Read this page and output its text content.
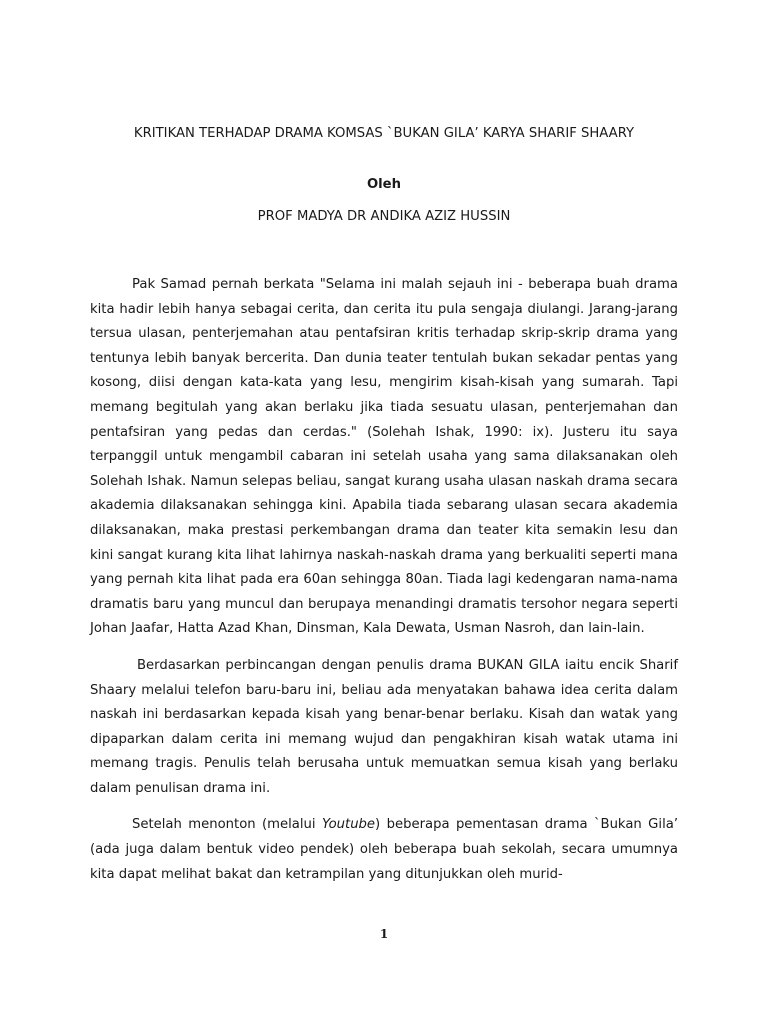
KRITIKAN TERHADAP DRAMA KOMSAS `BUKAN GILA’ KARYA SHARIF SHAARY
Oleh
PROF MADYA DR ANDIKA AZIZ HUSSIN

Pak Samad pernah berkata "Selama ini malah sejauh ini - beberapa buah drama kita hadir lebih hanya sebagai cerita, dan cerita itu pula sengaja diulangi. Jarang-jarang tersua ulasan, penterjemahan atau pentafsiran kritis terhadap skrip-skrip drama yang tentunya lebih banyak bercerita. Dan dunia teater tentulah bukan sekadar pentas yang kosong, diisi dengan kata-kata yang lesu, mengirim kisah-kisah yang sumarah. Tapi memang begitulah yang akan berlaku jika tiada sesuatu ulasan, penterjemahan dan pentafsiran yang pedas dan cerdas." (Solehah Ishak, 1990: ix). Justeru itu saya terpanggil untuk mengambil cabaran ini setelah usaha yang sama dilaksanakan oleh Solehah Ishak. Namun selepas beliau, sangat kurang usaha ulasan naskah drama secara akademia dilaksanakan sehingga kini. Apabila tiada sebarang ulasan secara akademia dilaksanakan, maka prestasi perkembangan drama dan teater kita semakin lesu dan kini sangat kurang kita lihat lahirnya naskah-naskah drama yang berkualiti seperti mana yang pernah kita lihat pada era 60an sehingga 80an. Tiada lagi kedengaran nama-nama dramatis baru yang muncul dan berupaya menandingi dramatis tersohor negara seperti Johan Jaafar, Hatta Azad Khan, Dinsman, Kala Dewata, Usman Nasroh, dan lain-lain.

Berdasarkan perbincangan dengan penulis drama BUKAN GILA iaitu encik Sharif Shaary melalui telefon baru-baru ini, beliau ada menyatakan bahawa idea cerita dalam naskah ini berdasarkan kepada kisah yang benar-benar berlaku. Kisah dan watak yang dipaparkan dalam cerita ini memang wujud dan pengakhiran kisah watak utama ini memang tragis. Penulis telah berusaha untuk memuatkan semua kisah yang berlaku dalam penulisan drama ini.

Setelah menonton (melalui Youtube) beberapa pementasan drama `Bukan Gila’ (ada juga dalam bentuk video pendek) oleh beberapa buah sekolah, secara umumnya kita dapat melihat bakat dan ketrampilan yang ditunjukkan oleh murid-

1
